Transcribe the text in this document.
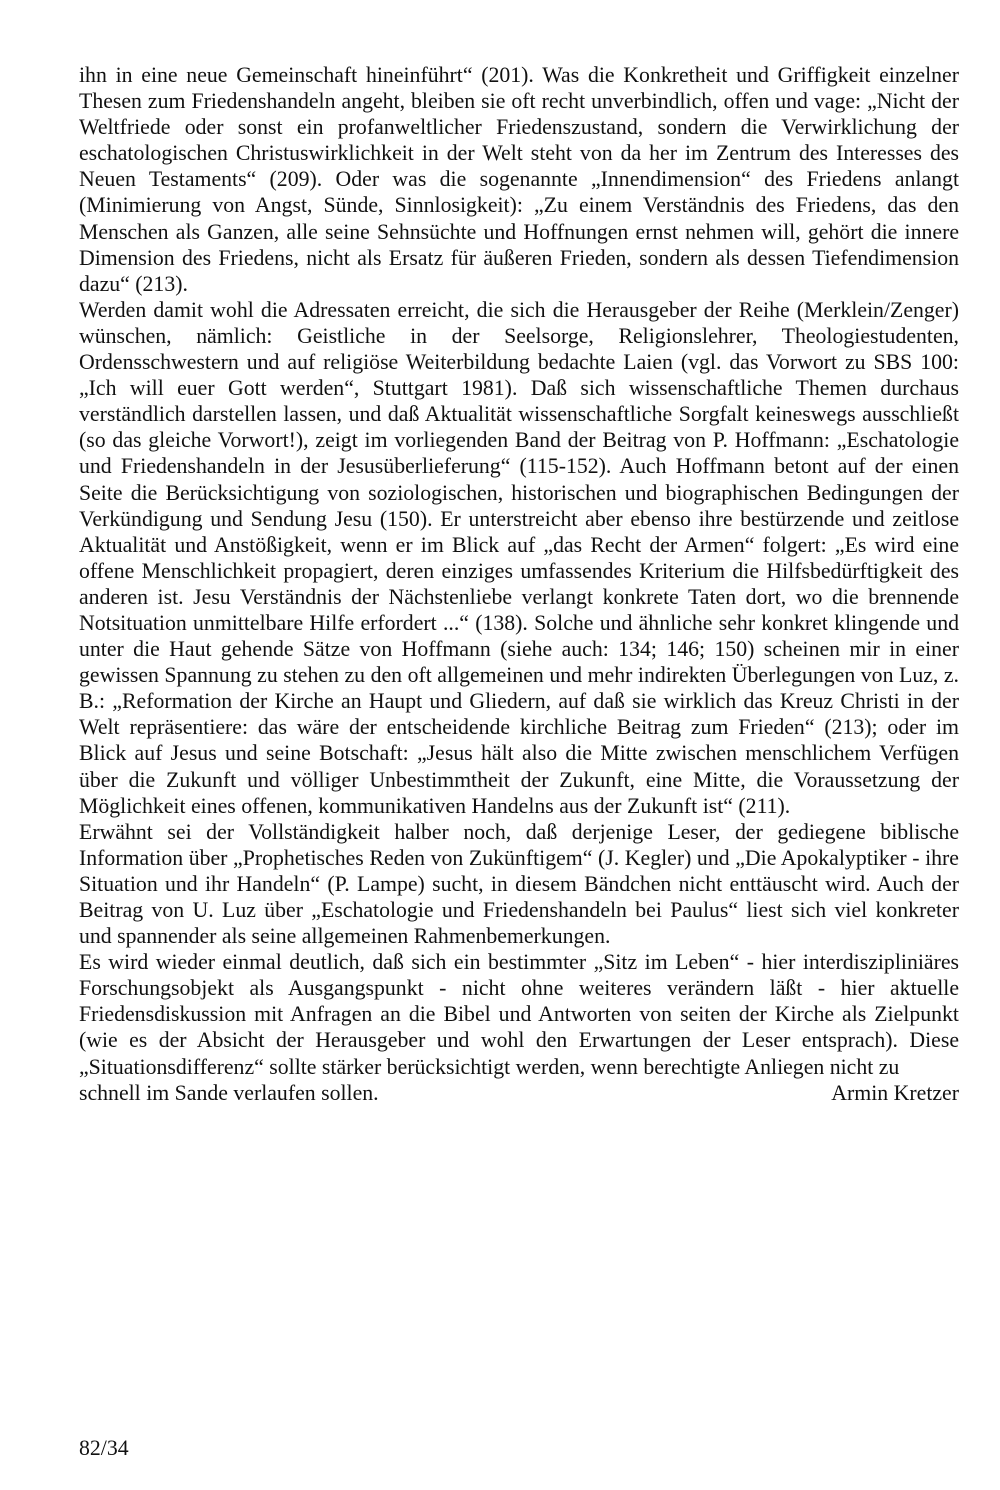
ihn in eine neue Gemeinschaft hineinführt“ (201). Was die Konkretheit und Griffigkeit einzelner Thesen zum Friedenshandeln angeht, bleiben sie oft recht unverbindlich, offen und vage: „Nicht der Weltfriede oder sonst ein profanweltlicher Friedenszustand, sondern die Verwirklichung der eschatologischen Christuswirklichkeit in der Welt steht von da her im Zentrum des Interesses des Neuen Testaments“ (209). Oder was die sogenannte „Innendimension“ des Friedens anlangt (Minimierung von Angst, Sünde, Sinnlosigkeit): „Zu einem Verständnis des Friedens, das den Menschen als Ganzen, alle seine Sehnsüchte und Hoffnungen ernst nehmen will, gehört die innere Dimension des Friedens, nicht als Ersatz für äußeren Frieden, sondern als dessen Tiefendimension dazu“ (213).

Werden damit wohl die Adressaten erreicht, die sich die Herausgeber der Reihe (Merklein/Zenger) wünschen, nämlich: Geistliche in der Seelsorge, Religionslehrer, Theologiestudenten, Ordensschwestern und auf religiöse Weiterbildung bedachte Laien (vgl. das Vorwort zu SBS 100: „Ich will euer Gott werden“, Stuttgart 1981). Daß sich wissenschaftliche Themen durchaus verständlich darstellen lassen, und daß Aktualität wissenschaftliche Sorgfalt keineswegs ausschließt (so das gleiche Vorwort!), zeigt im vorliegenden Band der Beitrag von P. Hoffmann: „Eschatologie und Friedenshandeln in der Jesusüberlieferung“ (115-152). Auch Hoffmann betont auf der einen Seite die Berücksichtigung von soziologischen, historischen und biographischen Bedingungen der Verkündigung und Sendung Jesu (150). Er unterstreicht aber ebenso ihre bestürzende und zeitlose Aktualität und Anstößigkeit, wenn er im Blick auf „das Recht der Armen“ folgert: „Es wird eine offene Menschlichkeit propagiert, deren einziges umfassendes Kriterium die Hilfsbedürftigkeit des anderen ist. Jesu Verständnis der Nächstenliebe verlangt konkrete Taten dort, wo die brennende Notsituation unmittelbare Hilfe erfordert ...“ (138). Solche und ähnliche sehr konkret klingende und unter die Haut gehende Sätze von Hoffmann (siehe auch: 134; 146; 150) scheinen mir in einer gewissen Spannung zu stehen zu den oft allgemeinen und mehr indirekten Überlegungen von Luz, z. B.: „Reformation der Kirche an Haupt und Gliedern, auf daß sie wirklich das Kreuz Christi in der Welt repräsentiere: das wäre der entscheidende kirchliche Beitrag zum Frieden“ (213); oder im Blick auf Jesus und seine Botschaft: „Jesus hält also die Mitte zwischen menschlichem Verfügen über die Zukunft und völliger Unbestimmtheit der Zukunft, eine Mitte, die Voraussetzung der Möglichkeit eines offenen, kommunikativen Handelns aus der Zukunft ist“ (211).

Erwähnt sei der Vollständigkeit halber noch, daß derjenige Leser, der gediegene biblische Information über „Prophetisches Reden von Zukünftigem“ (J. Kegler) und „Die Apokalyptiker - ihre Situation und ihr Handeln“ (P. Lampe) sucht, in diesem Bändchen nicht enttäuscht wird. Auch der Beitrag von U. Luz über „Eschatologie und Friedenshandeln bei Paulus“ liest sich viel konkreter und spannender als seine allgemeinen Rahmenbemerkungen.

Es wird wieder einmal deutlich, daß sich ein bestimmter „Sitz im Leben“ - hier interdiszipliniäres Forschungsobjekt als Ausgangspunkt - nicht ohne weiteres verändern läßt - hier aktuelle Friedensdiskussion mit Anfragen an die Bibel und Antworten von seiten der Kirche als Zielpunkt (wie es der Absicht der Herausgeber und wohl den Erwartungen der Leser entsprach). Diese „Situationsdifferenz“ sollte stärker berücksichtigt werden, wenn berechtigte Anliegen nicht zu

schnell im Sande verlaufen sollen.	Armin Kretzer
82/34
